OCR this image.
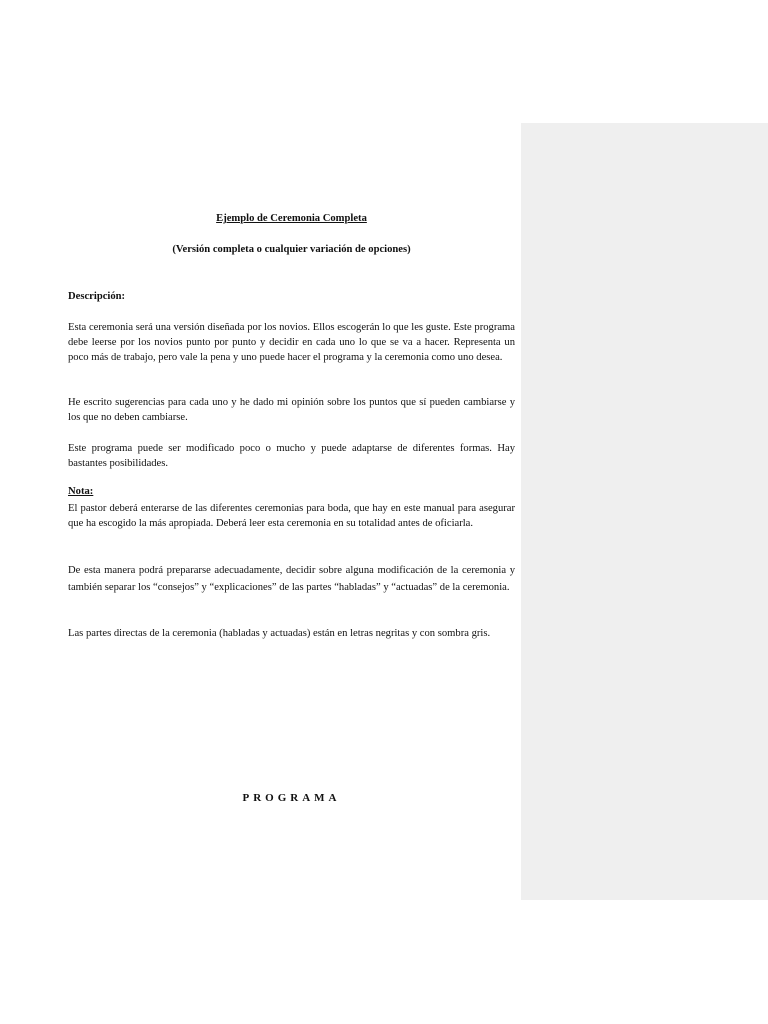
Ejemplo de Ceremonia Completa
(Versión completa o cualquier variación de opciones)
Descripción:
Esta ceremonia será una versión diseñada por los novios. Ellos escogerán lo que les guste. Este programa debe leerse por los novios punto por punto y decidir en cada uno lo que se va a hacer. Representa un poco más de trabajo, pero vale la pena y uno puede hacer el programa y la ceremonia como uno desea.
He escrito sugerencias para cada uno y he dado mi opinión sobre los puntos que sí pueden cambiarse y los que no deben cambiarse.
Este programa puede ser modificado poco o mucho y puede adaptarse de diferentes formas. Hay bastantes posibilidades.
Nota:
El pastor deberá enterarse de las diferentes ceremonias para boda, que hay en este manual para asegurar que ha escogido la más apropiada. Deberá leer esta ceremonia en su totalidad antes de oficiarla.
De esta manera podrá prepararse adecuadamente, decidir sobre alguna modificación de la ceremonia y también separar los “consejos” y “explicaciones” de las partes “habladas” y “actuadas” de la ceremonia.
Las partes directas de la ceremonia (habladas y actuadas) están en letras negritas y con sombra gris.
PROGRAMA
